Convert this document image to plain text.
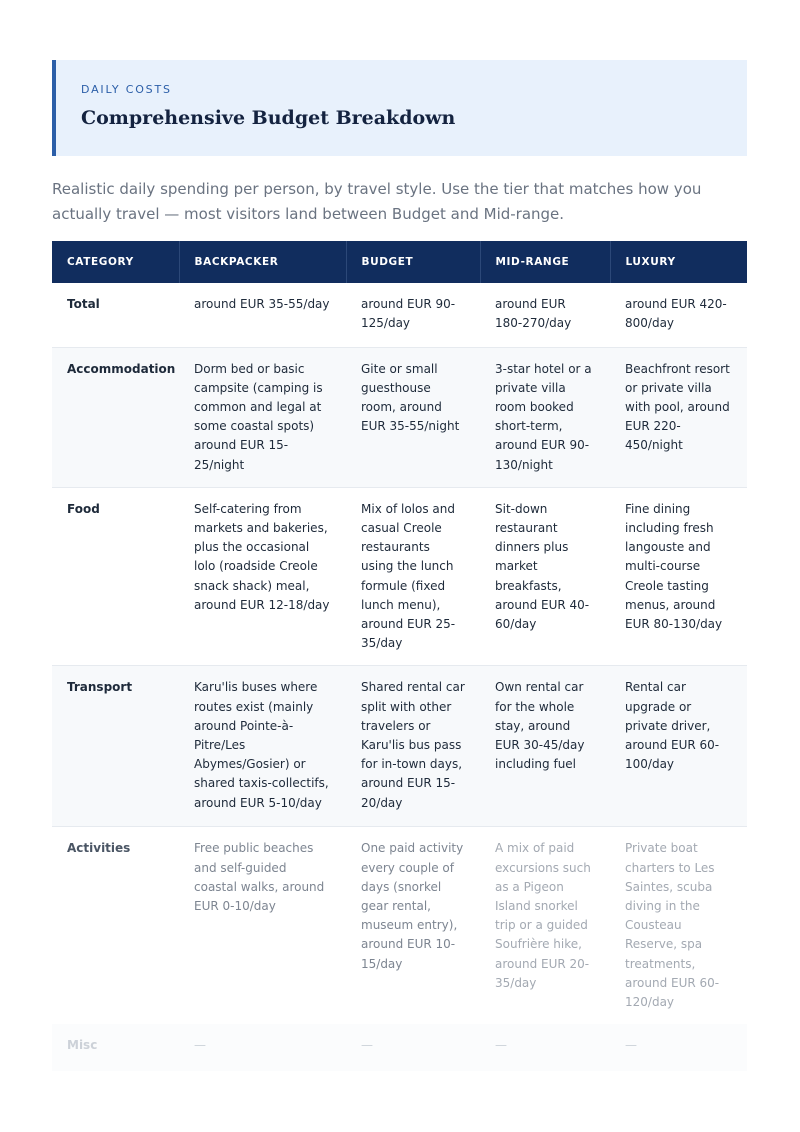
DAILY COSTS
Comprehensive Budget Breakdown

Realistic daily spending per person, by travel style. Use the tier that matches how you actually travel — most visitors land between Budget and Mid-range.

CATEGORY	BACKPACKER	BUDGET	MID-RANGE	LUXURY
Total	around EUR 35-55/day	around EUR 90-125/day	around EUR 180-270/day	around EUR 420-800/day
Accommodation	Dorm bed or basic campsite (camping is common and legal at some coastal spots) around EUR 15-25/night	Gite or small guesthouse room, around EUR 35-55/night	3-star hotel or a private villa room booked short-term, around EUR 90-130/night	Beachfront resort or private villa with pool, around EUR 220-450/night
Food	Self-catering from markets and bakeries, plus the occasional lolo (roadside Creole snack shack) meal, around EUR 12-18/day	Mix of lolos and casual Creole restaurants using the lunch formule (fixed lunch menu), around EUR 25-35/day	Sit-down restaurant dinners plus market breakfasts, around EUR 40-60/day	Fine dining including fresh langouste and multi-course Creole tasting menus, around EUR 80-130/day
Transport	Karu'lis buses where routes exist (mainly around Pointe-à-Pitre/Les Abymes/Gosier) or shared taxis-collectifs, around EUR 5-10/day	Shared rental car split with other travelers or Karu'lis bus pass for in-town days, around EUR 15-20/day	Own rental car for the whole stay, around EUR 30-45/day including fuel	Rental car upgrade or private driver, around EUR 60-100/day
Activities	Free public beaches and self-guided coastal walks, around EUR 0-10/day	One paid activity every couple of days (snorkel gear rental, museum entry), around EUR 10-15/day	A mix of paid excursions such as a Pigeon Island snorkel trip or a guided Soufrière hike, around EUR 20-35/day	Private boat charters to Les Saintes, scuba diving in the Cousteau Reserve, spa treatments, around EUR 60-120/day
Misc	—	—	—	—
